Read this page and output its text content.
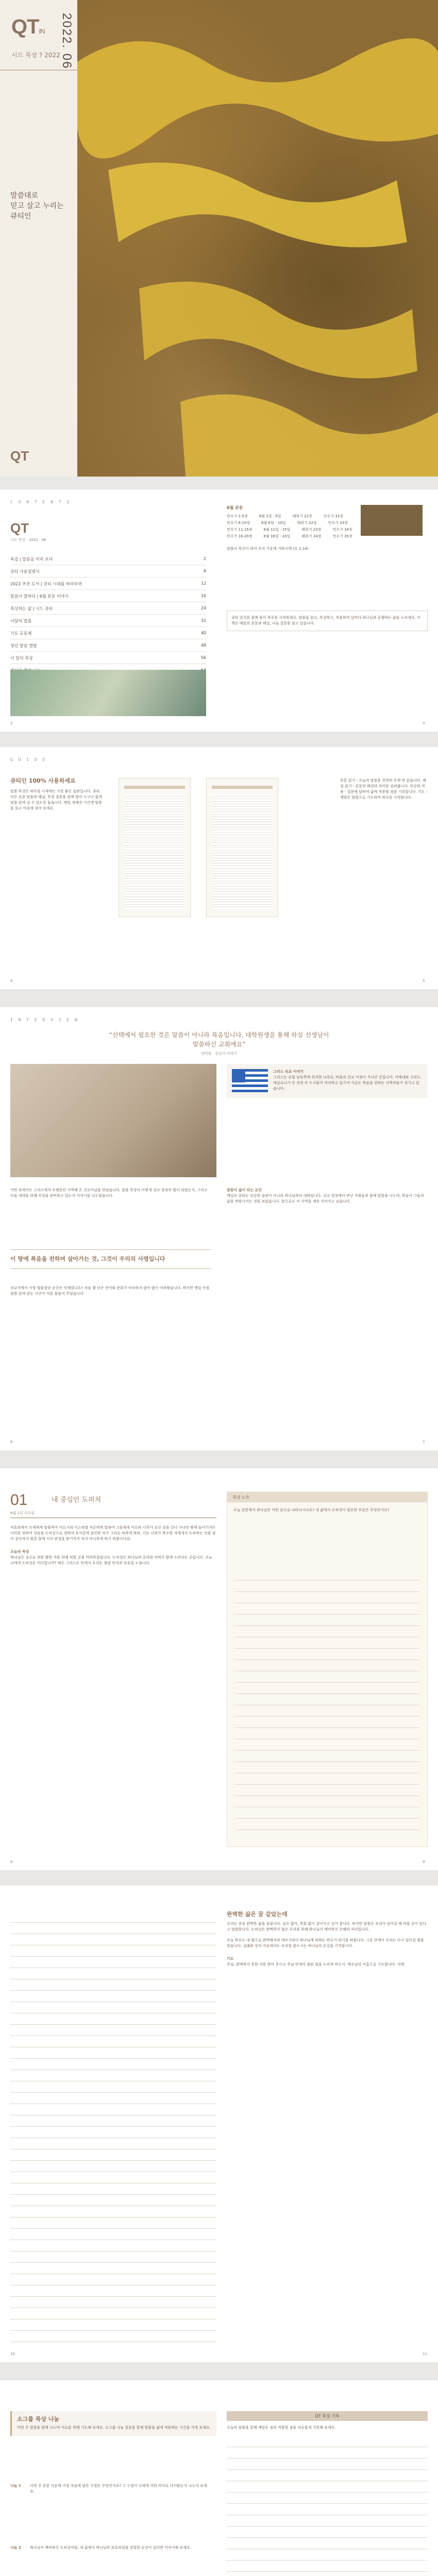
QTIN 2022. 06
시드 묵상 ? 2022
말씀대로
믿고 살고 누리는
큐티인
QT
C O N T E N T S
QT
시드 묵상 · 2022 · 06
특집 | 말씀을 미리 보다	2
큐티 사용설명서	8
2022 추천 도서 | 큐티 시대를 바라보며	12
말씀이 말하다 | 6월 본문 이야기	16
묵상하는 삶 | 시드 큐티	24
이달의 말씀	32
기도 공동체	40
청년 말씀 앨범	48
이 달의 묵상	56
6월 본문
민수기 1-5장	6월 1일 - 5일	레위기 21장	민수기 32장
민수기 6-10장	6월 6일 - 10일	레위기 22장	민수기 33장
민수기 11-15장	6월 11일 - 15일	레위기 23장	민수기 34장
민수기 16-20장	6월 16일 - 20일	레위기 24장	민수기 35장
말씀이 육신이 되어 우리 가운데 거하시매 (요 1:14)
큐티 일지를 함께 묶어 하루를 시작하세요. 말씀을 읽고, 묵상하고, 적용하며 날마다 하나님과 동행하는 삶을 누리세요. 이 책은 매일의 본문과 해설, 나눔 질문을 담고 있습니다.
2	3
G U I D E
큐티인 100% 사용하세요

말씀 묵상은 하루를 시작하는 가장 좋은 습관입니다. 큐티인은 본문 말씀과 해설, 묵상 질문을 함께 담아 누구나 쉽게 말씀 앞에 설 수 있도록 돕습니다. 매일 정해진 시간에 말씀을 읽고 마음에 새겨 보세요.

본문 읽기 - 오늘의 말씀을 천천히 두세 번 읽습니다. 해설 읽기 - 본문의 배경과 의미를 살펴봅니다. 묵상과 적용 - 질문에 답하며 삶에 적용할 점을 기록합니다. 기도 - 깨달은 말씀으로 기도하며 하루를 시작합니다.
4	5
I N T E R V I E W
“선택에서 필요한 것은 말씀이 아니라 복음입니다. 대학원생을 통해 하실 선생님이 말씀하신 교회에요”
인터뷰 · 선교사 이야기
그리스 선교 이야기

그리스는 유럽 남동쪽에 위치한 나라로, 바울의 선교 여정이 지나간 곳입니다. 아테네와 고린도, 데살로니가 등 성경 속 도시들이 자리하고 있으며 지금도 복음을 전하는 사역자들이 섬기고 있습니다.

이번 호에서는 그리스에서 오랫동안 사역해 온 선교사님을 만났습니다. 말씀 묵상이 어떻게 선교 현장의 힘이 되었는지, 그리고 다음 세대를 위해 무엇을 준비하고 있는지 이야기를 나누었습니다.
이 땅에 복음을 전하며 살아가는 것, 그것이 우리의 사명입니다
선교지에서 가장 힘들었던 순간은 언제였나요? 처음 몇 년은 언어와 문화가 익숙하지 않아 많이 어려웠습니다. 하지만 매일 아침 말씀 앞에 앉는 시간이 저를 붙들어 주었습니다.
말씀이 삶이 되는 순간

매일의 큐티는 단순한 습관이 아니라 하나님과의 대화입니다. 선교 현장에서 만난 사람들과 함께 말씀을 나누며, 복음이 그들의 삶을 변화시키는 것을 보았습니다. 앞으로도 이 사역을 계속 이어가고 싶습니다.

6	7
01
6월 1일 수요일
내 중심인 도피처

여호와께서 모세에게 말씀하여 이르시되 이스라엘 자손에게 말하여 그들에게 이르라 너희가 요단 강을 건너 가나안 땅에 들어가거든 너희를 위하여 성읍을 도피성으로 정하여 부지중에 살인한 자가 그리로 피하게 하라. 이는 너희가 복수할 자에게서 도피하는 성을 삼아 살인자가 회중 앞에 서서 판결을 받기까지 죽지 아니하게 하기 위함이니라.

오늘의 묵상

하나님은 실수로 죄를 범한 자를 위해 피할 곳을 마련하셨습니다. 도피성은 하나님의 공의와 자비가 함께 드러나는 곳입니다. 오늘 나에게 도피성은 어디입니까? 예수 그리스도 안에서 우리는 참된 안식과 보호를 누립니다.

묵상 노트
오늘 본문에서 하나님은 어떤 분으로 나타나시나요? 내 삶에서 도피성이 필요한 부분은 무엇인가요?
8	9
완벽한 삶은 꿈 같았는데

우리는 종종 완벽한 삶을 꿈꿉니다. 실수 없이, 후회 없이 살아가고 싶어 합니다. 하지만 말씀은 우리가 넘어질 때 피할 곳이 있다고 말씀합니다. 도피성은 완벽하지 않은 우리를 위해 하나님이 예비하신 은혜의 자리입니다.

오늘 하루도 내 힘으로 완벽해지려 애쓰기보다 하나님께 피하는 하루가 되기를 바랍니다. 그분 안에서 우리는 다시 일어설 힘을 얻습니다. 실패와 상처 가운데서도 우리를 붙드시는 하나님의 손길을 기억합시다.

기도

주님, 완벽하지 못한 저를 받아 주시고 주님 안에서 참된 쉼을 누리게 하소서. 예수님의 이름으로 기도합니다. 아멘.

10	11
소그룹 묵상 나눔

이번 주 말씀을 함께 나누며 서로를 위해 기도해 보세요. 소그룹 나눔 질문을 통해 말씀을 삶에 적용하는 시간을 가져 보세요.

나눔 1 이번 주 본문 가운데 가장 마음에 남은 구절은 무엇인가요? 그 구절이 나에게 어떤 의미로 다가왔는지 나누어 보세요.
나눔 2 하나님이 예비하신 도피성처럼, 내 삶에서 하나님의 보호하심을 경험한 순간이 있다면 이야기해 보세요.
QT 묵상 기록

오늘의 말씀을 통해 깨달은 점과 적용할 점을 자유롭게 기록해 보세요.
